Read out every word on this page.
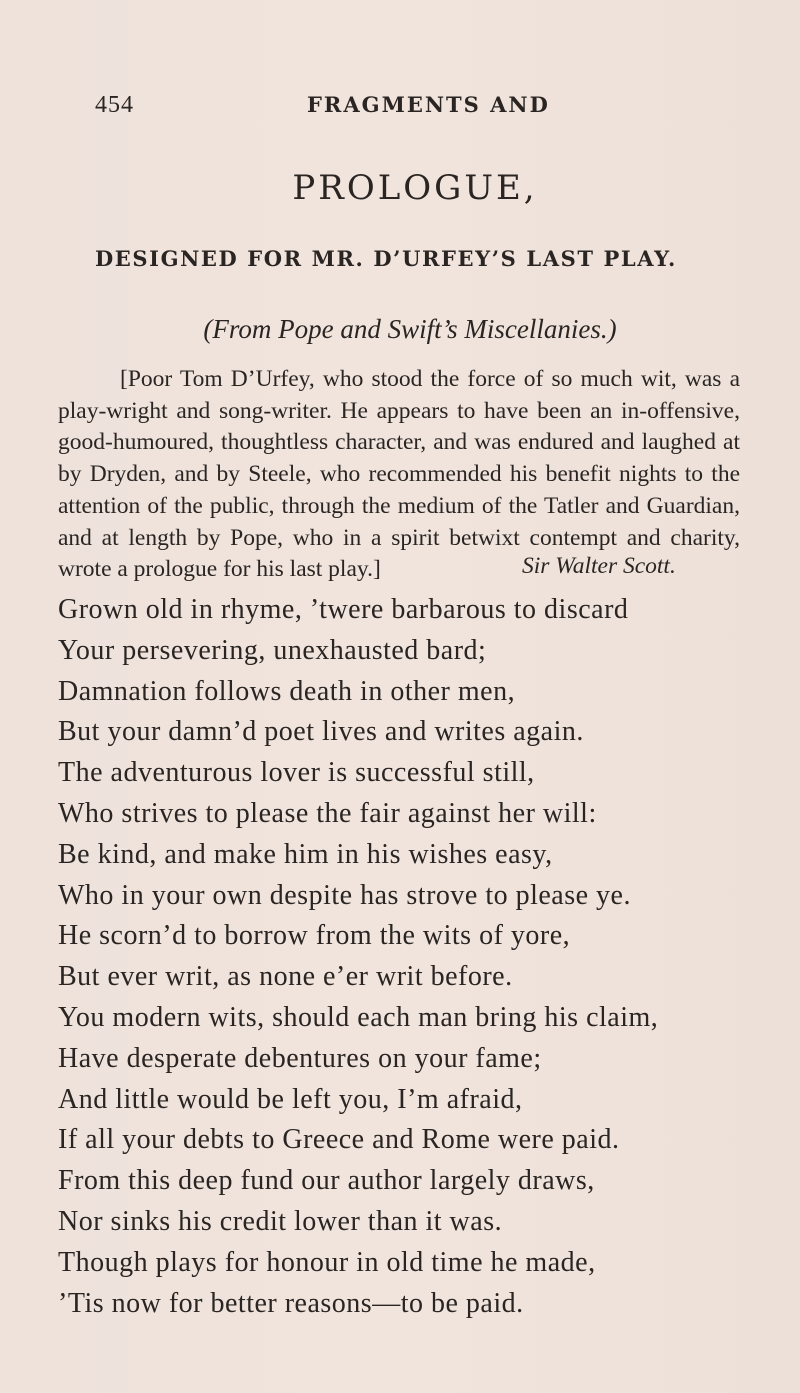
454	FRAGMENTS AND
PROLOGUE,
DESIGNED FOR MR. D’URFEY’S LAST PLAY.
(From Pope and Swift’s Miscellanies.)

[Poor Tom D’Urfey, who stood the force of so much wit, was a play-wright and song-writer. He appears to have been an in-offensive, good-humoured, thoughtless character, and was endured and laughed at by Dryden, and by Steele, who recommended his benefit nights to the attention of the public, through the medium of the Tatler and Guardian, and at length by Pope, who in a spirit betwixt contempt and charity, wrote a prologue for his last play.]	Sir Walter Scott.
Grown old in rhyme, ’twere barbarous to discard
Your persevering, unexhausted bard;
Damnation follows death in other men,
But your damn’d poet lives and writes again.
The adventurous lover is successful still,
Who strives to please the fair against her will:
Be kind, and make him in his wishes easy,
Who in your own despite has strove to please ye.
He scorn’d to borrow from the wits of yore,
But ever writ, as none e’er writ before.
You modern wits, should each man bring his claim,
Have desperate debentures on your fame;
And little would be left you, I’m afraid,
If all your debts to Greece and Rome were paid.
From this deep fund our author largely draws,
Nor sinks his credit lower than it was.
Though plays for honour in old time he made,
’Tis now for better reasons—to be paid.
